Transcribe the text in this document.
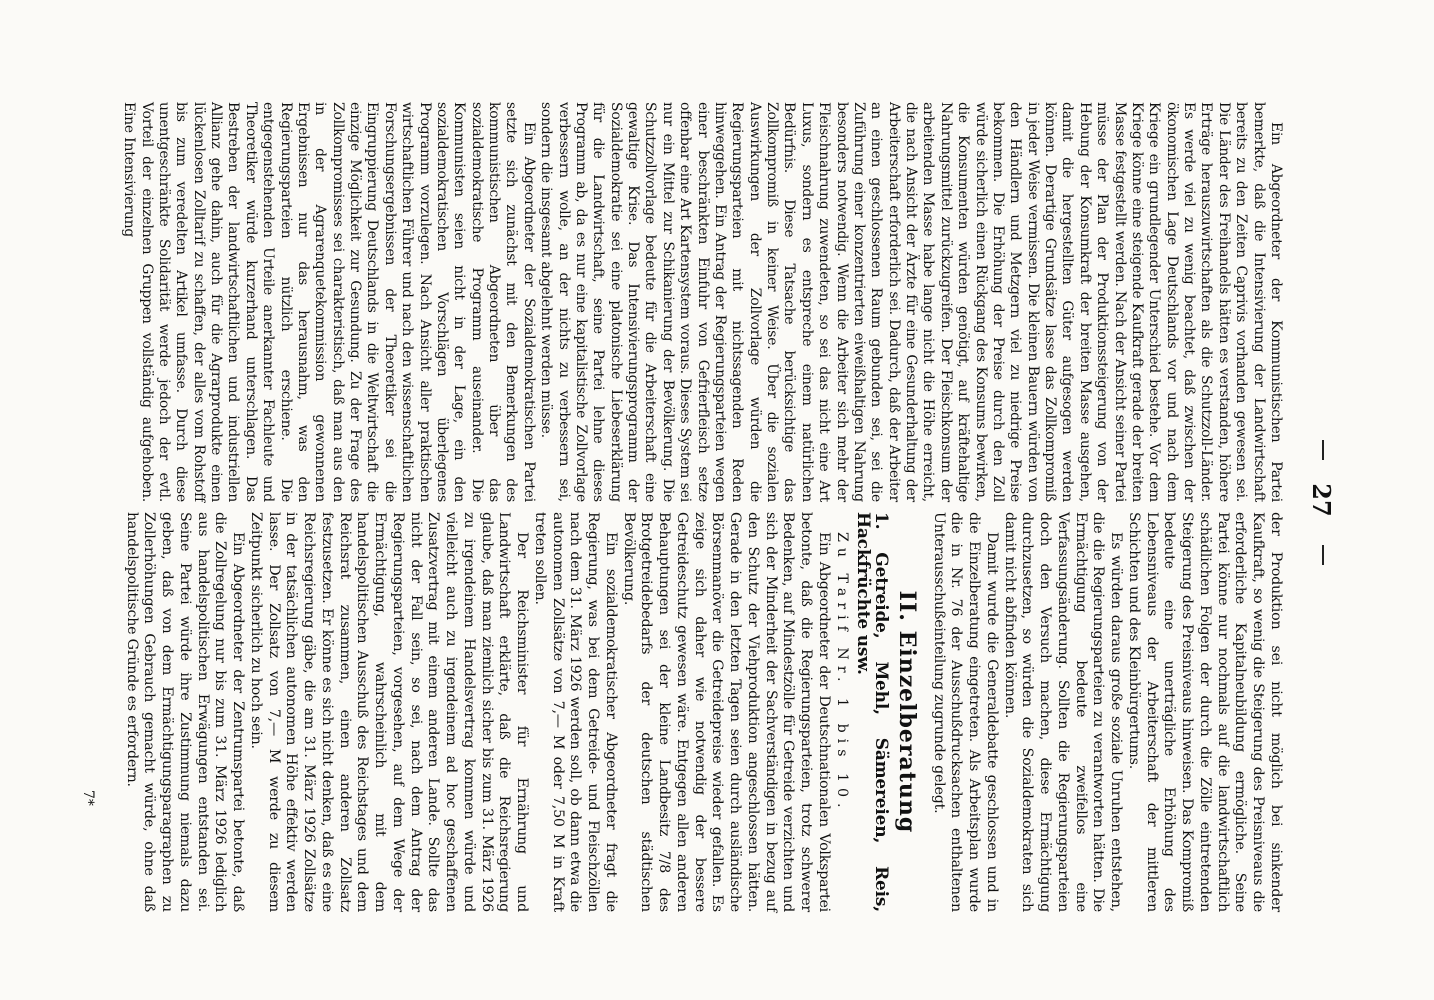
27

Ein Abgeordneter der Kommunistischen Partei bemerkte, daß die Intensivierung der Landwirtschaft bereits zu den Zeiten Caprivis vorhanden gewesen sei. Die Länder des Freihandels hätten es verstanden, höhere Erträge herauszuwirtschaften als die Schutzzoll-Länder. Es werde viel zu wenig beachtet, daß zwischen der ökonomischen Lage Deutschlands vor und nach dem Kriege ein grundlegender Unterschied bestehe. Vor dem Kriege könne eine steigende Kaufkraft gerade der breiten Masse festgestellt werden. Nach der Ansicht seiner Partei müsse der Plan der Produktionssteigerung von der Hebung der Konsumkraft der breiten Masse ausgehen, damit die hergestellten Güter aufgesogen werden können. Derartige Grundsätze lasse das Zollkompromiß in jeder Weise vermissen. Die kleinen Bauern würden von den Händlern und Metzgern viel zu niedrige Preise bekommen. Die Erhöhung der Preise durch den Zoll würde sicherlich einen Rückgang des Konsums bewirken, die Konsumenten würden genötigt, auf kräftehaltige Nahrungsmittel zurückzugreifen. Der Fleischkonsum der arbeitenden Masse habe lange nicht die Höhe erreicht, die nach Ansicht der Ärzte für eine Gesunderhaltung der Arbeiterschaft erforderlich sei. Dadurch, daß der Arbeiter an einen geschlossenen Raum gebunden sei, sei die Zuführung einer konzentrierten eiweißhaltigen Nahrung besonders notwendig. Wenn die Arbeiter sich mehr der Fleischnahrung zuwendeten, so sei das nicht eine Art Luxus, sondern es entspreche einem natürlichen Bedürfnis. Diese Tatsache berücksichtige das Zollkompromiß in keiner Weise. Über die sozialen Auswirkungen der Zollvorlage würden die Regierungsparteien mit nichtssagenden Reden hinweggehen. Ein Antrag der Regierungsparteien wegen einer beschränkten Einfuhr von Gefrierfleisch setze offenbar eine Art Kartensystem voraus. Dieses System sei nur ein Mittel zur Schikanierung der Bevölkerung. Die Schutzzollvorlage bedeute für die Arbeiterschaft eine gewaltige Krise. Das Intensivierungsprogramm der Sozialdemokratie sei eine platonische Liebeserklärung für die Landwirtschaft, seine Partei lehne dieses Programm ab, da es nur eine kapitalistische Zollvorlage verbessern wolle, an der nichts zu verbessern sei, sondern die insgesamt abgelehnt werden müsse.

Ein Abgeordneter der Sozialdemokratischen Partei setzte sich zunächst mit den Bemerkungen des kommunistischen Abgeordneten über das sozialdemokratische Programm auseinander. Die Kommunisten seien nicht in der Lage, ein den sozialdemokratischen Vorschlägen überlegenes Programm vorzulegen. Nach Ansicht aller praktischen wirtschaftlichen Führer und nach den wissenschaftlichen Forschungsergebnissen der Theoretiker sei die Eingruppierung Deutschlands in die Weltwirtschaft die einzige Möglichkeit zur Gesundung. Zu der Frage des Zollkompromisses sei charakteristisch, daß man aus den in der Agrarenquetekommission gewonnenen Ergebnissen nur das herausnahm, was den Regierungsparteien nützlich erschiene. Die entgegenstehenden Urteile anerkannter Fachleute und Theoretiker würde kurzerhand unterschlagen. Das Bestreben der landwirtschaftlichen und industriellen Allianz gehe dahin, auch für die Agrarprodukte einen lückenlosen Zolltarif zu schaffen, der alles vom Rohstoff bis zum veredelten Artikel umfasse. Durch diese unentgeschränkte Solidarität werde jedoch der evtl. Vorteil der einzelnen Gruppen vollständig aufgehoben. Eine Intensivierung

der Produktion sei nicht möglich bei sinkender Kaufkraft, so wenig die Steigerung des Preisniveaus die erforderliche Kapitalneubildung ermögliche. Seine Partei könne nur nochmals auf die landwirtschaftlich schädlichen Folgen der durch die Zölle eintretenden Steigerung des Preisniveaus hinweisen. Das Kompromiß bedeute eine unerträgliche Erhöhung des Lebensniveaus der Arbeiterschaft der mittleren Schichten und des Kleinbürgertums.

Es würden daraus große soziale Unruhen entstehen, die die Regierungsparteien zu verantworten hätten. Die Ermächtigung bedeute zweifellos eine Verfassungsänderung. Sollten die Regierungsparteien doch den Versuch machen, diese Ermächtigung durchzusetzen, so würden die Sozialdemokraten sich damit nicht abfinden können.

Damit wurde die Generaldebatte geschlossen und in die Einzelberatung eingetreten. Als Arbeitsplan wurde die in Nr. 76 der Ausschußdrucksachen enthaltenen Unterausschußeinteilung zugrunde gelegt.

II. Einzelberatung
1. Getreide, Mehl, Sämereien, Reis, Hackfrüchte usw.

Zu Tarif Nr. 1 bis 10.

Ein Abgeordneter der Deutschnationalen Volkspartei betonte, daß die Regierungsparteien, trotz schwerer Bedenken, auf Mindestzölle für Getreide verzichten und sich der Minderheit der Sachverständigen in bezug auf den Schutz der Viehproduktion angeschlossen hätten. Gerade in den letzten Tagen seien durch ausländische Börsenmanöver die Getreidepreise wieder gefallen. Es zeige sich daher wie notwendig der bessere Getreideschutz gewesen wäre. Entgegen allen anderen Behauptungen sei der kleine Landbesitz 7/8 des Brotgetreidebedarfs der deutschen städtischen Bevölkerung.

Ein sozialdemokratischer Abgeordneter fragt die Regierung, was bei dem Getreide- und Fleischzöllen nach dem 31. März 1926 werden soll, ob dann etwa die autonomen Zollsätze von 7,— M oder 7,50 M in Kraft treten sollen.

Der Reichsminister für Ernährung und Landwirtschaft erklärte, daß die Reichsregierung glaube, daß man ziemlich sicher bis zum 31. März 1926 zu irgendeinem Handelsvertrag kommen würde und vielleicht auch zu irgendeinem ad hoc geschaffenen Zusatzvertrag mit einem anderen Lande. Sollte das nicht der Fall sein, so sei, nach dem Antrag der Regierungsparteien, vorgesehen, auf dem Wege der Ermächtigung, wahrscheinlich mit dem handelspolitischen Ausschuß des Reichstages und dem Reichsrat zusammen, einen anderen Zollsatz festzusetzen. Er könne es sich nicht denken, daß es eine Reichsregierung gäbe, die am 31. März 1926 Zollsätze in der tatsächlichen autonomen Höhe effektiv werden lasse. Der Zollsatz von 7,— M werde zu diesem Zeitpunkt sicherlich zu hoch sein.

Ein Abgeordneter der Zentrumspartei betonte, daß die Zollregelung nur bis zum 31. März 1926 lediglich aus handelspolitischen Erwägungen entstanden sei. Seine Partei würde ihre Zustimmung niemals dazu geben, daß von dem Ermächtigungsparagraphen zu Zollerhöhungen Gebrauch gemacht würde, ohne daß handelspolitische Gründe es erfordern.

7*
